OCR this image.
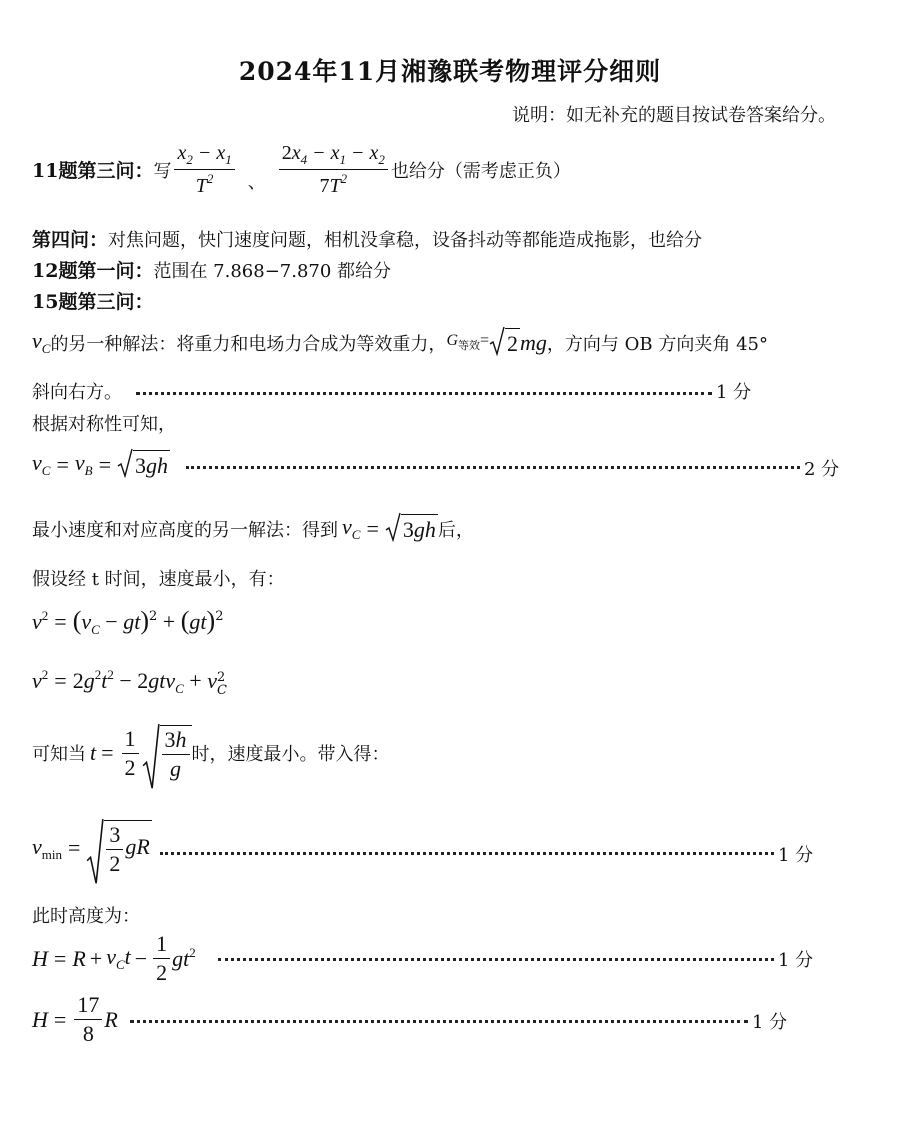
2024年11月湘豫联考物理评分细则
说明：如无补充的题目按试卷答案给分。
11题第三问： 写 $\frac{x_2 - x_1}{T^2}$ 、 $\frac{2x_4 - x_1 - x_2}{7T^2}$ 也给分（需考虑正负）
第四问：对焦问题，快门速度问题，相机没拿稳，设备抖动等都能造成拖影，也给分
12题第一问：范围在 7.868−7.870 都给分
15题第三问：
$v_C$ 的另一种解法：将重力和电场力合成为等效重力， $G_{等效}= 2$ mg ，方向与 OB 方向夹角 45°
斜向右方。	1 分
根据对称性可知，
$v_C = v_B$ =	3gh	2 分
最小速度和对应高度的另一解法：得到 $v_C$ =	3gh 后，
假设经 t 时间，速度最小，有：
$v^2 = (v_C - gt)^2 + (gt)^2$
$v^2 = 2g^2t^2 - 2gtv_C + v$ 2
C
可知当 $t = \frac{1}{2} \frac{3h}{g}$ 时，速度最小。带入得：
$v_{min} = \frac{3}{2}$ gR	1 分
此时高度为：
$H = R + v_Ct - \frac{1}{2} gt^2$	1 分
$H = \frac{17}{8}$ R	1 分
